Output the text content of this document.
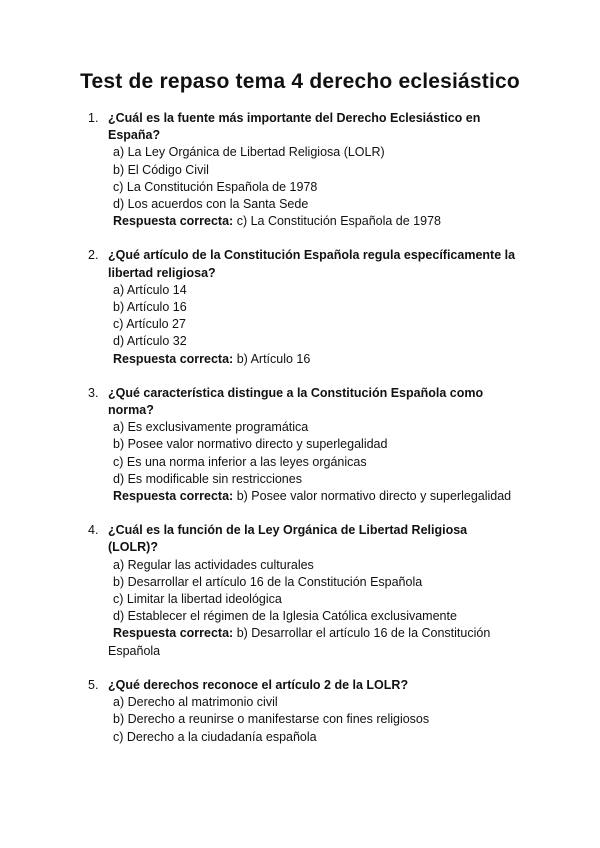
Test de repaso tema 4 derecho eclesiástico
1. ¿Cuál es la fuente más importante del Derecho Eclesiástico en España?
a) La Ley Orgánica de Libertad Religiosa (LOLR)
b) El Código Civil
c) La Constitución Española de 1978
d) Los acuerdos con la Santa Sede
Respuesta correcta: c) La Constitución Española de 1978
2. ¿Qué artículo de la Constitución Española regula específicamente la libertad religiosa?
a) Artículo 14
b) Artículo 16
c) Artículo 27
d) Artículo 32
Respuesta correcta: b) Artículo 16
3. ¿Qué característica distingue a la Constitución Española como norma?
a) Es exclusivamente programática
b) Posee valor normativo directo y superlegalidad
c) Es una norma inferior a las leyes orgánicas
d) Es modificable sin restricciones
Respuesta correcta: b) Posee valor normativo directo y superlegalidad
4. ¿Cuál es la función de la Ley Orgánica de Libertad Religiosa (LOLR)?
a) Regular las actividades culturales
b) Desarrollar el artículo 16 de la Constitución Española
c) Limitar la libertad ideológica
d) Establecer el régimen de la Iglesia Católica exclusivamente
Respuesta correcta: b) Desarrollar el artículo 16 de la Constitución Española
5. ¿Qué derechos reconoce el artículo 2 de la LOLR?
a) Derecho al matrimonio civil
b) Derecho a reunirse o manifestarse con fines religiosos
c) Derecho a la ciudadanía española
